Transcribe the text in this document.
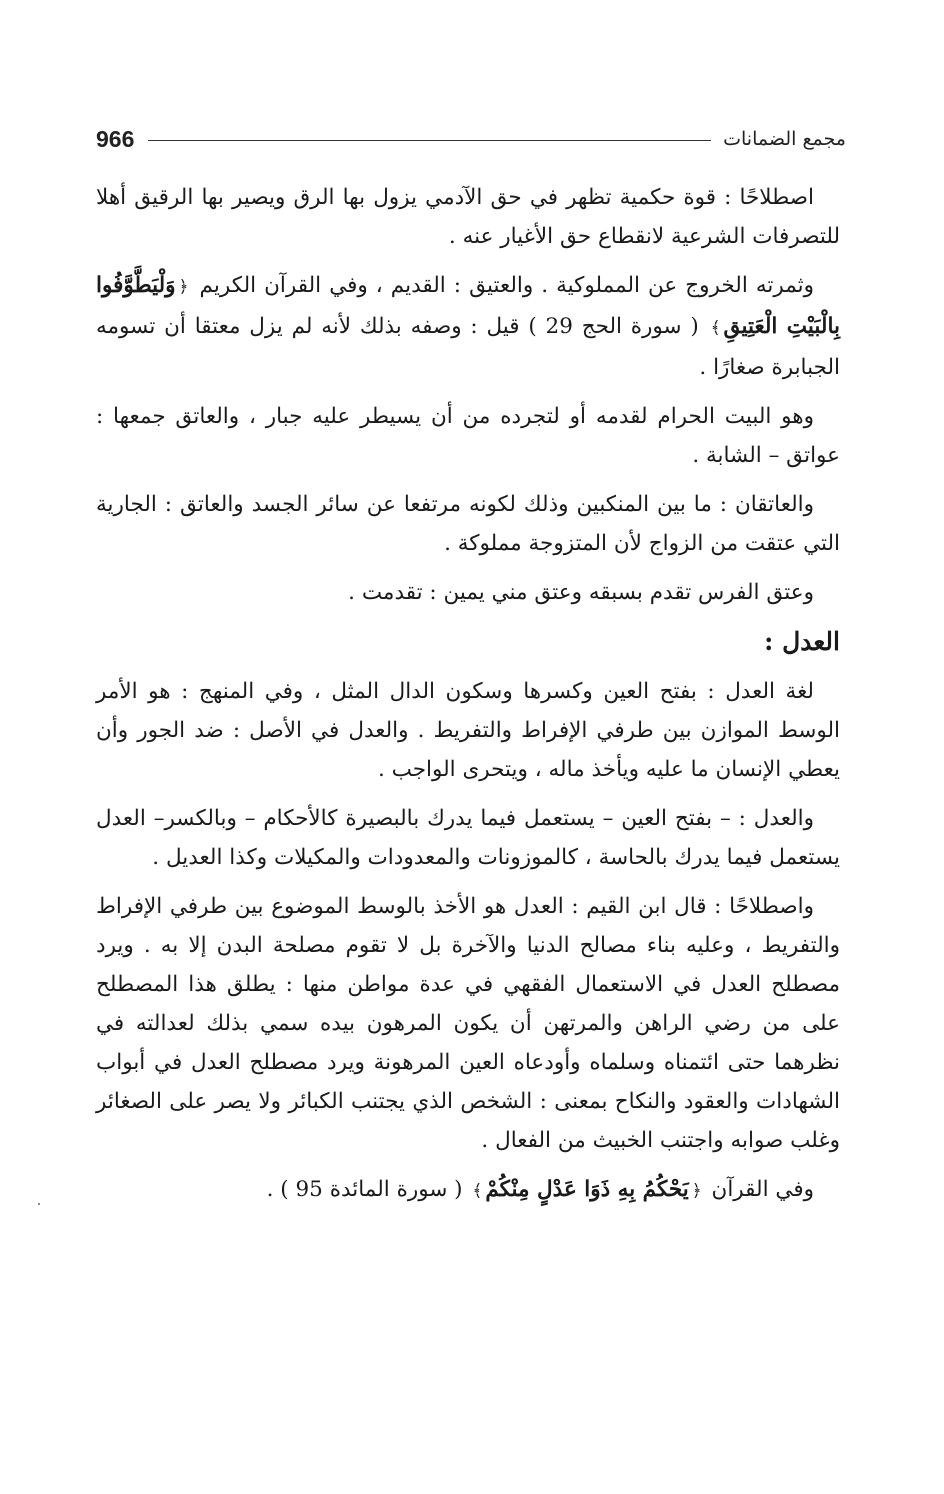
966	مجمع الضمانات

اصطلاحًا : قوة حكمية تظهر في حق الآدمي يزول بها الرق ويصير بها الرقيق أهلا للتصرفات الشرعية لانقطاع حق الأغيار عنه .

وثمرته الخروج عن المملوكية . والعتيق : القديم ، وفي القرآن الكريم ﴿وَلْيَطَّوَّفُوا بِالْبَيْتِ الْعَتِيقِ﴾ ( سورة الحج 29 ) قيل : وصفه بذلك لأنه لم يزل معتقا أن تسومه الجبابرة صغارًا .

وهو البيت الحرام لقدمه أو لتجرده من أن يسيطر عليه جبار ، والعاتق جمعها : عواتق – الشابة .

والعاتقان : ما بين المنكبين وذلك لكونه مرتفعا عن سائر الجسد والعاتق : الجارية التي عتقت من الزواج لأن المتزوجة مملوكة .

وعتق الفرس تقدم بسبقه وعتق مني يمين : تقدمت .

العدل :

لغة العدل : بفتح العين وكسرها وسكون الدال المثل ، وفي المنهج : هو الأمر الوسط الموازن بين طرفي الإفراط والتفريط . والعدل في الأصل : ضد الجور وأن يعطي الإنسان ما عليه ويأخذ ماله ، ويتحرى الواجب .

والعدل : – بفتح العين – يستعمل فيما يدرك بالبصيرة كالأحكام – وبالكسر– العدل يستعمل فيما يدرك بالحاسة ، كالموزونات والمعدودات والمكيلات وكذا العديل .

واصطلاحًا : قال ابن القيم : العدل هو الأخذ بالوسط الموضوع بين طرفي الإفراط والتفريط ، وعليه بناء مصالح الدنيا والآخرة بل لا تقوم مصلحة البدن إلا به . ويرد مصطلح العدل في الاستعمال الفقهي في عدة مواطن منها : يطلق هذا المصطلح على من رضي الراهن والمرتهن أن يكون المرهون بيده سمي بذلك لعدالته في نظرهما حتى ائتمناه وسلماه وأودعاه العين المرهونة ويرد مصطلح العدل في أبواب الشهادات والعقود والنكاح بمعنى : الشخص الذي يجتنب الكبائر ولا يصر على الصغائر وغلب صوابه واجتنب الخبيث من الفعال .

وفي القرآن ﴿يَحْكُمُ بِهِ ذَوَا عَدْلٍ مِنْكُمْ﴾ ( سورة المائدة 95 ) .
